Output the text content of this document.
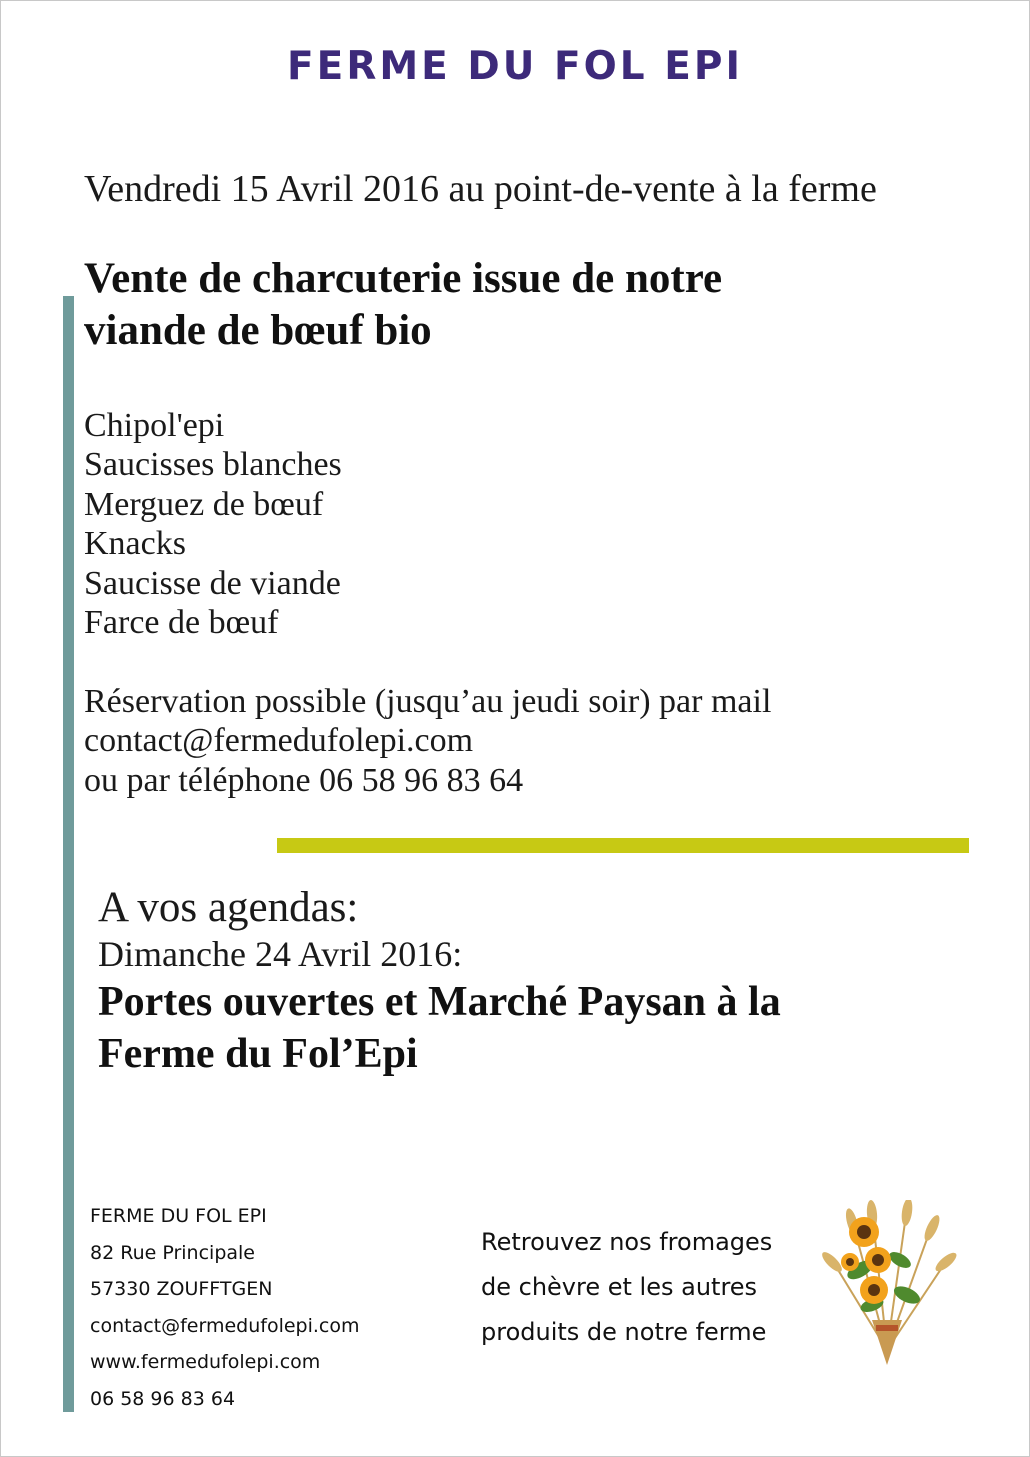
FERME DU FOL EPI
Vendredi 15 Avril 2016 au point-de-vente à la ferme
Vente de charcuterie issue de notre
viande de bœuf bio
Chipol'epi
Saucisses blanches
Merguez de bœuf
Knacks
Saucisse de viande
Farce de bœuf
Réservation possible (jusqu’au jeudi soir) par mail
contact@fermedufolepi.com
ou par téléphone 06 58 96 83 64
A vos agendas:
Dimanche 24 Avril 2016:
Portes ouvertes et Marché Paysan à la
Ferme du Fol’Epi
FERME DU FOL EPI
82 Rue Principale
57330 ZOUFFTGEN
contact@fermedufolepi.com
www.fermedufolepi.com
06 58 96 83 64
Retrouvez nos fromages
de chèvre et les autres
produits de notre ferme
